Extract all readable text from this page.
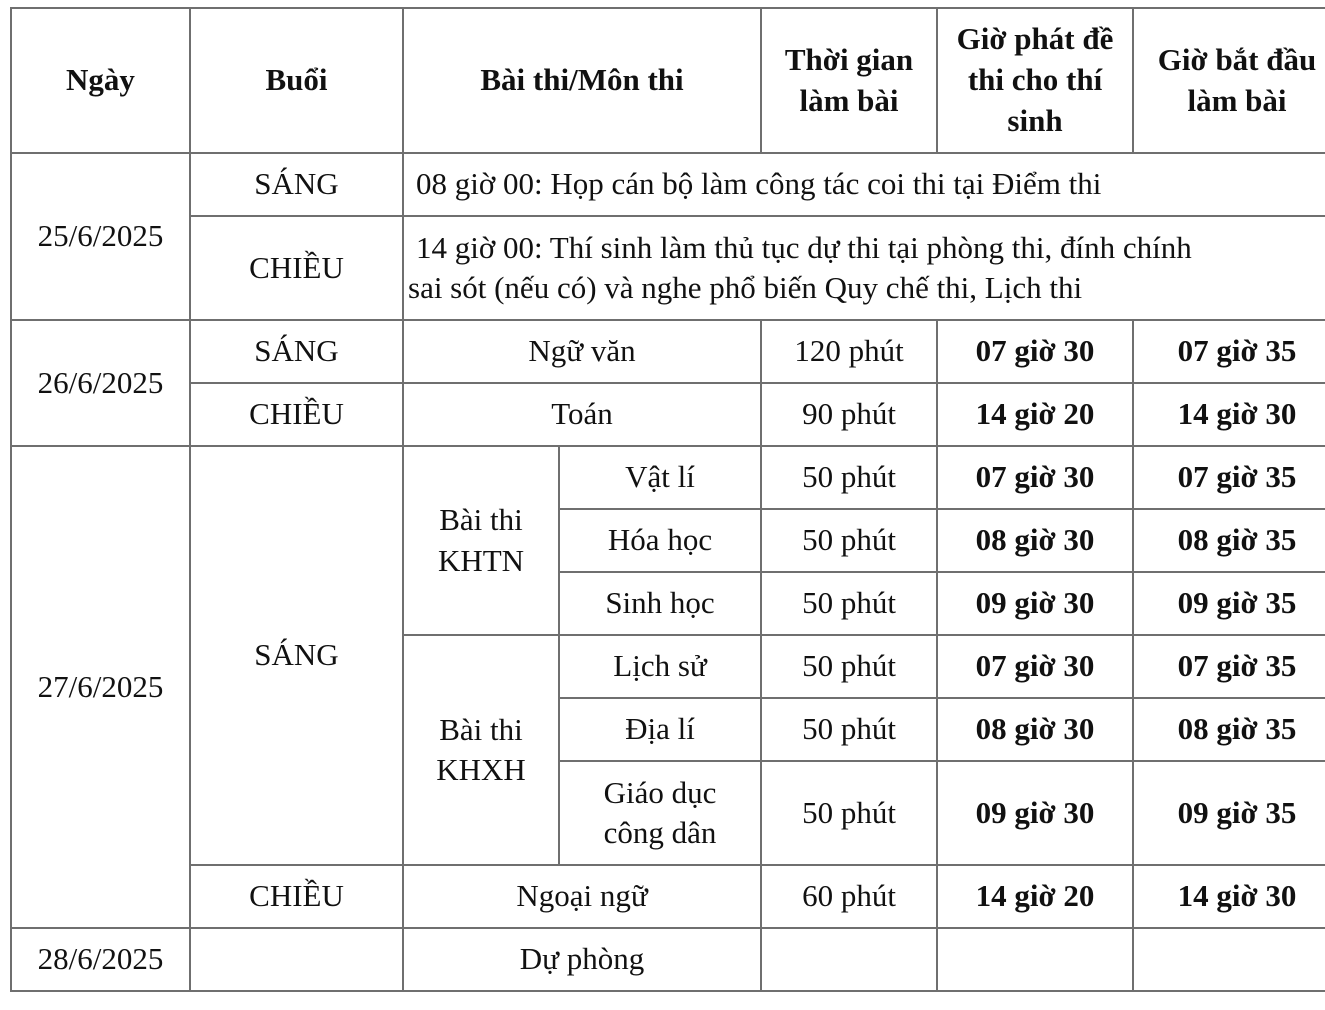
Ngày	Buổi	Bài thi/Môn thi		Thời gian làm bài	Giờ phát đề thi cho thí sinh	Giờ bắt đầu làm bài
25/6/2025	SÁNG	08 giờ 00: Họp cán bộ làm công tác coi thi tại Điểm thi				
	CHIỀU	14 giờ 00: Thí sinh làm thủ tục dự thi tại phòng thi, đính chính
sai sót (nếu có) và nghe phổ biến Quy chế thi, Lịch thi				

26/6/2025	SÁNG	Ngữ văn		120 phút	07 giờ 30	07 giờ 35
	CHIỀU	Toán		90 phút	14 giờ 20	14 giờ 30
27/6/2025	SÁNG	Bài thi KHTN	Vật lí	50 phút	07 giờ 30	07 giờ 35
			Hóa học	50 phút	08 giờ 30	08 giờ 35
			Sinh học	50 phút	09 giờ 30	09 giờ 35
		Bài thi KHXH	Lịch sử	50 phút	07 giờ 30	07 giờ 35
			Địa lí	50 phút	08 giờ 30	08 giờ 35
			Giáo dục công dân	50 phút	09 giờ 30	09 giờ 35
	CHIỀU	Ngoại ngữ		60 phút	14 giờ 20	14 giờ 30
28/6/2025		Dự phòng				
